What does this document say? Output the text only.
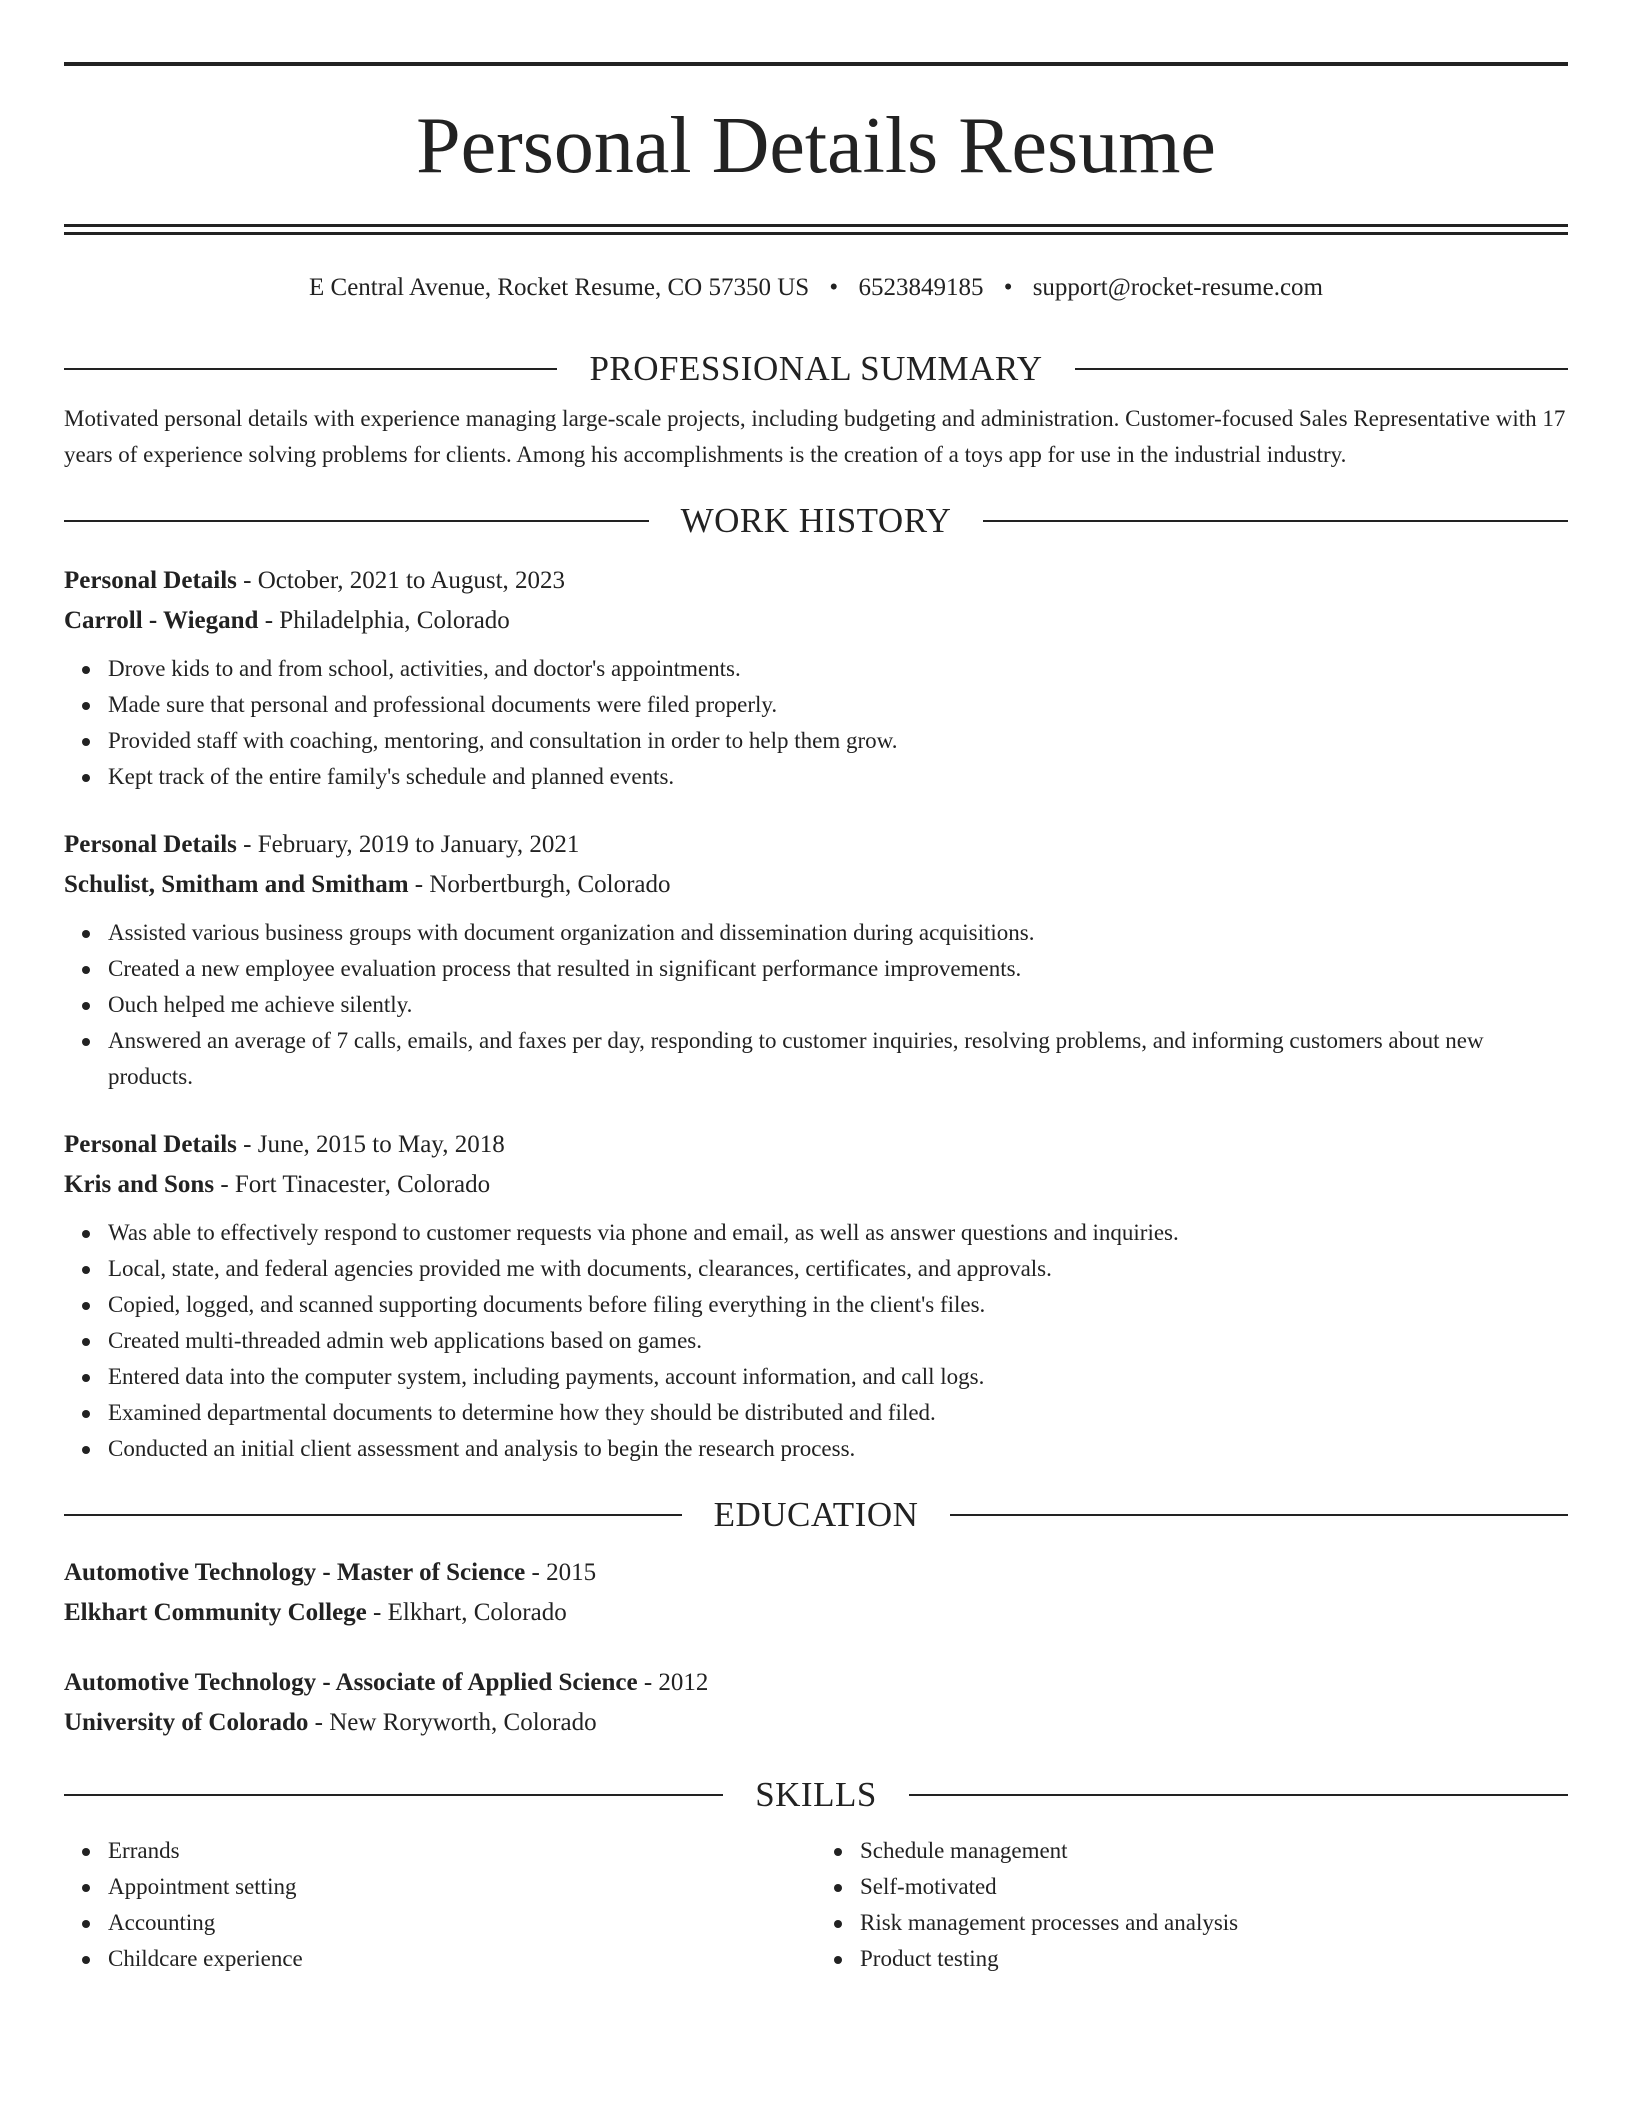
Personal Details Resume
E Central Avenue, Rocket Resume, CO 57350 US • 6523849185 • support@rocket-resume.com
PROFESSIONAL SUMMARY
Motivated personal details with experience managing large-scale projects, including budgeting and administration. Customer-focused Sales Representative with 17 years of experience solving problems for clients. Among his accomplishments is the creation of a toys app for use in the industrial industry.
WORK HISTORY
Personal Details - October, 2021 to August, 2023
Carroll - Wiegand - Philadelphia, Colorado
Drove kids to and from school, activities, and doctor's appointments.
Made sure that personal and professional documents were filed properly.
Provided staff with coaching, mentoring, and consultation in order to help them grow.
Kept track of the entire family's schedule and planned events.
Personal Details - February, 2019 to January, 2021
Schulist, Smitham and Smitham - Norbertburgh, Colorado
Assisted various business groups with document organization and dissemination during acquisitions.
Created a new employee evaluation process that resulted in significant performance improvements.
Ouch helped me achieve silently.
Answered an average of 7 calls, emails, and faxes per day, responding to customer inquiries, resolving problems, and informing customers about new products.
Personal Details - June, 2015 to May, 2018
Kris and Sons - Fort Tinacester, Colorado
Was able to effectively respond to customer requests via phone and email, as well as answer questions and inquiries.
Local, state, and federal agencies provided me with documents, clearances, certificates, and approvals.
Copied, logged, and scanned supporting documents before filing everything in the client's files.
Created multi-threaded admin web applications based on games.
Entered data into the computer system, including payments, account information, and call logs.
Examined departmental documents to determine how they should be distributed and filed.
Conducted an initial client assessment and analysis to begin the research process.
EDUCATION
Automotive Technology - Master of Science - 2015
Elkhart Community College - Elkhart, Colorado
Automotive Technology - Associate of Applied Science - 2012
University of Colorado - New Roryworth, Colorado
SKILLS
Errands
Appointment setting
Accounting
Childcare experience
Schedule management
Self-motivated
Risk management processes and analysis
Product testing
